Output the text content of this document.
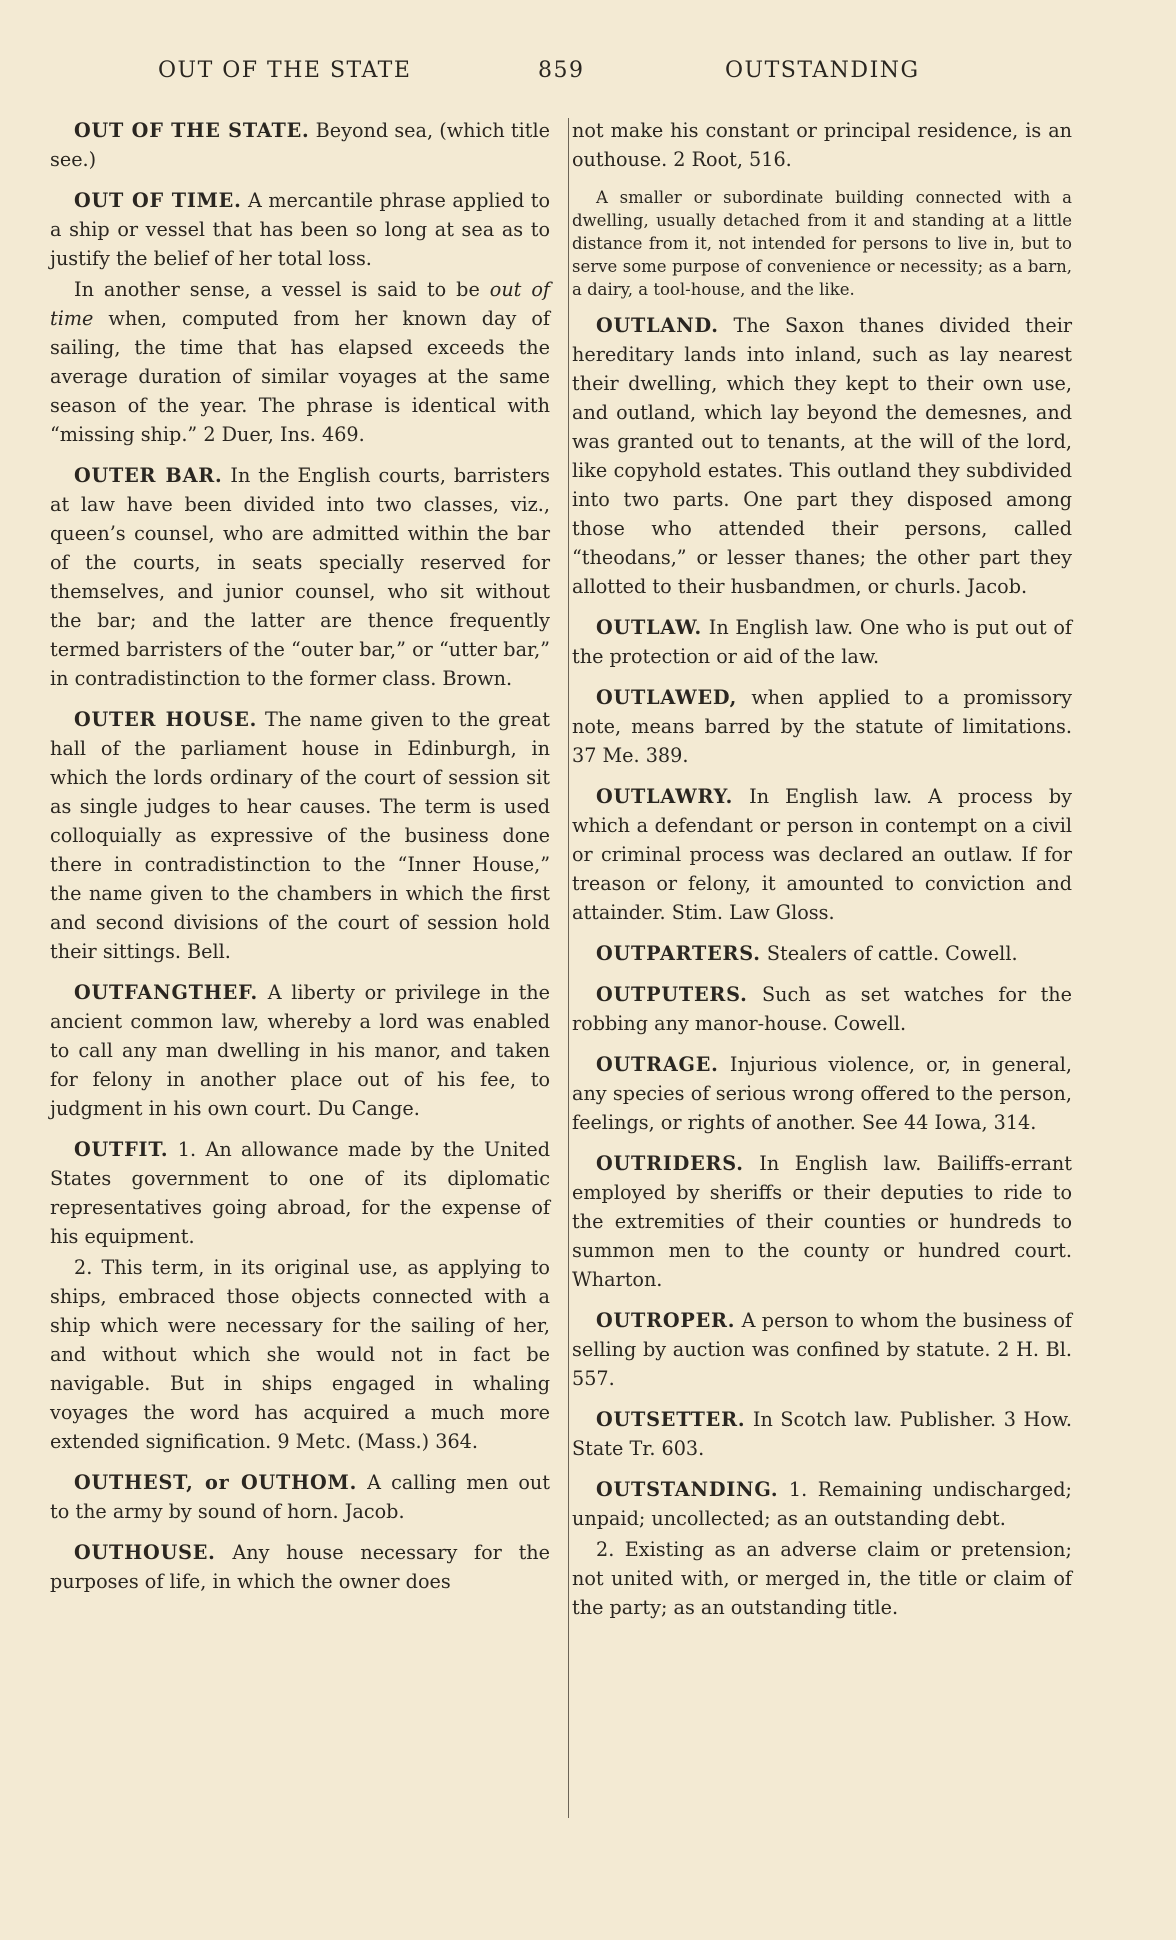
OUT OF THE STATE	859	OUTSTANDING

OUT OF THE STATE. Beyond sea, (which title see.)

OUT OF TIME. A mercantile phrase applied to a ship or vessel that has been so long at sea as to justify the belief of her total loss.

In another sense, a vessel is said to be out of time when, computed from her known day of sailing, the time that has elapsed exceeds the average duration of similar voyages at the same season of the year. The phrase is identical with “missing ship.” 2 Duer, Ins. 469.

OUTER BAR. In the English courts, barristers at law have been divided into two classes, viz., queen’s counsel, who are admitted within the bar of the courts, in seats specially reserved for themselves, and junior counsel, who sit without the bar; and the latter are thence frequently termed barristers of the “outer bar,” or “utter bar,” in contradistinction to the former class. Brown.

OUTER HOUSE. The name given to the great hall of the parliament house in Edinburgh, in which the lords ordinary of the court of session sit as single judges to hear causes. The term is used colloquially as expressive of the business done there in contradistinction to the “Inner House,” the name given to the chambers in which the first and second divisions of the court of session hold their sittings. Bell.

OUTFANGTHEF. A liberty or privilege in the ancient common law, whereby a lord was enabled to call any man dwelling in his manor, and taken for felony in another place out of his fee, to judgment in his own court. Du Cange.

OUTFIT. 1. An allowance made by the United States government to one of its diplomatic representatives going abroad, for the expense of his equipment.

2. This term, in its original use, as applying to ships, embraced those objects connected with a ship which were necessary for the sailing of her, and without which she would not in fact be navigable. But in ships engaged in whaling voyages the word has acquired a much more extended signification. 9 Metc. (Mass.) 364.

OUTHEST, or OUTHOM. A calling men out to the army by sound of horn. Jacob.

OUTHOUSE. Any house necessary for the purposes of life, in which the owner does

not make his constant or principal residence, is an outhouse. 2 Root, 516.

A smaller or subordinate building connected with a dwelling, usually detached from it and standing at a little distance from it, not intended for persons to live in, but to serve some purpose of convenience or necessity; as a barn, a dairy, a tool-house, and the like.

OUTLAND. The Saxon thanes divided their hereditary lands into inland, such as lay nearest their dwelling, which they kept to their own use, and outland, which lay beyond the demesnes, and was granted out to tenants, at the will of the lord, like copyhold estates. This outland they subdivided into two parts. One part they disposed among those who attended their persons, called “theodans,” or lesser thanes; the other part they allotted to their husbandmen, or churls. Jacob.

OUTLAW. In English law. One who is put out of the protection or aid of the law.

OUTLAWED, when applied to a promissory note, means barred by the statute of limitations. 37 Me. 389.

OUTLAWRY. In English law. A process by which a defendant or person in contempt on a civil or criminal process was declared an outlaw. If for treason or felony, it amounted to conviction and attainder. Stim. Law Gloss.

OUTPARTERS. Stealers of cattle. Cowell.

OUTPUTERS. Such as set watches for the robbing any manor-house. Cowell.

OUTRAGE. Injurious violence, or, in general, any species of serious wrong offered to the person, feelings, or rights of another. See 44 Iowa, 314.

OUTRIDERS. In English law. Bailiffs-errant employed by sheriffs or their deputies to ride to the extremities of their counties or hundreds to summon men to the county or hundred court. Wharton.

OUTROPER. A person to whom the business of selling by auction was confined by statute. 2 H. Bl. 557.

OUTSETTER. In Scotch law. Publisher. 3 How. State Tr. 603.

OUTSTANDING. 1. Remaining undischarged; unpaid; uncollected; as an outstanding debt.

2. Existing as an adverse claim or pretension; not united with, or merged in, the title or claim of the party; as an outstanding title.
